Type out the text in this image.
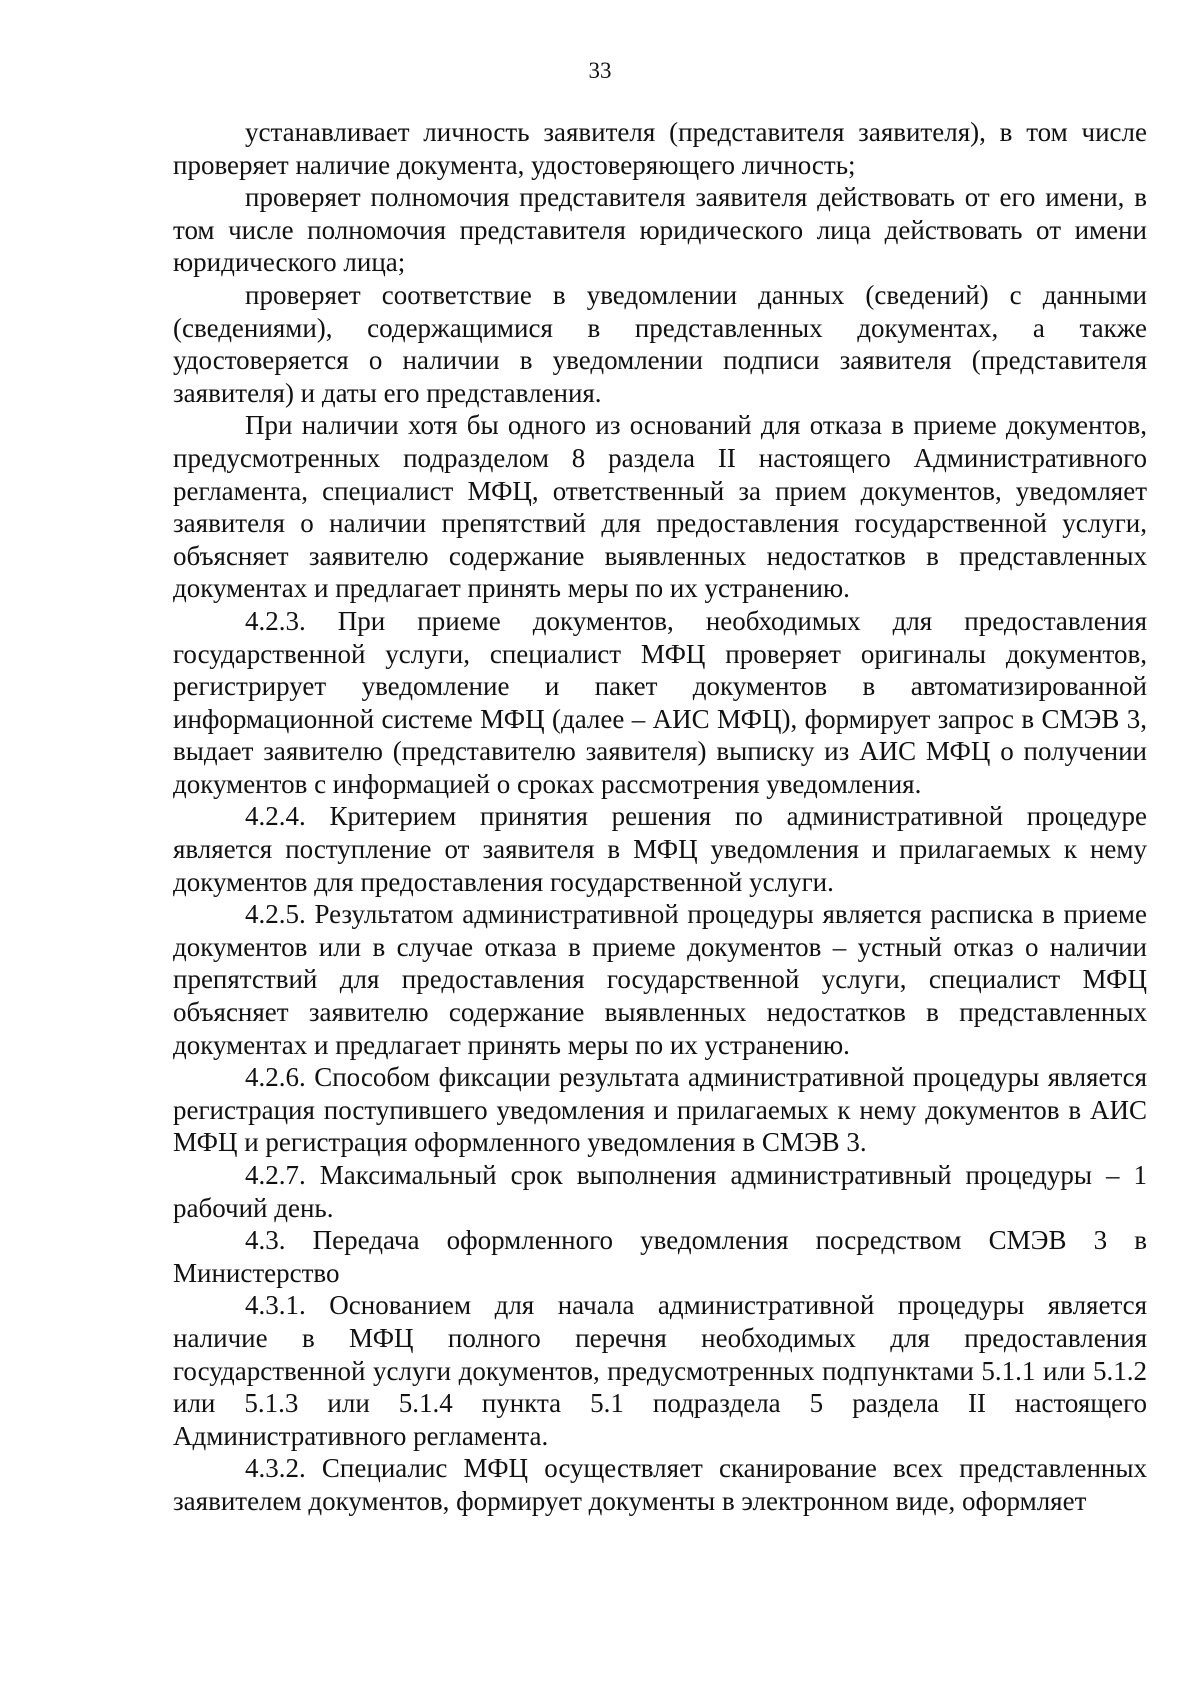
33

устанавливает личность заявителя (представителя заявителя), в том числе проверяет наличие документа, удостоверяющего личность;

проверяет полномочия представителя заявителя действовать от его имени, в том числе полномочия представителя юридического лица действовать от имени юридического лица;

проверяет соответствие в уведомлении данных (сведений) с данными (сведениями), содержащимися в представленных документах, а также удостоверяется о наличии в уведомлении подписи заявителя (представителя заявителя) и даты его представления.

При наличии хотя бы одного из оснований для отказа в приеме документов, предусмотренных подразделом 8 раздела II настоящего Административного регламента, специалист МФЦ, ответственный за прием документов, уведомляет заявителя о наличии препятствий для предоставления государственной услуги, объясняет заявителю содержание выявленных недостатков в представленных документах и предлагает принять меры по их устранению.

4.2.3. При приеме документов, необходимых для предоставления государственной услуги, специалист МФЦ проверяет оригиналы документов, регистрирует уведомление и пакет документов в автоматизированной информационной системе МФЦ (далее – АИС МФЦ), формирует запрос в СМЭВ 3, выдает заявителю (представителю заявителя) выписку из АИС МФЦ о получении документов с информацией о сроках рассмотрения уведомления.

4.2.4. Критерием принятия решения по административной процедуре является поступление от заявителя в МФЦ уведомления и прилагаемых к нему документов для предоставления государственной услуги.

4.2.5. Результатом административной процедуры является расписка в приеме документов или в случае отказа в приеме документов – устный отказ о наличии препятствий для предоставления государственной услуги, специалист МФЦ объясняет заявителю содержание выявленных недостатков в представленных документах и предлагает принять меры по их устранению.

4.2.6. Способом фиксации результата административной процедуры является регистрация поступившего уведомления и прилагаемых к нему документов в АИС МФЦ и регистрация оформленного уведомления в СМЭВ 3.

4.2.7. Максимальный срок выполнения административный процедуры – 1 рабочий день.

4.3. Передача оформленного уведомления посредством СМЭВ 3 в Министерство

4.3.1. Основанием для начала административной процедуры является наличие в МФЦ полного перечня необходимых для предоставления государственной услуги документов, предусмотренных подпунктами 5.1.1 или 5.1.2 или 5.1.3 или 5.1.4 пункта 5.1 подраздела 5 раздела II настоящего Административного регламента.

4.3.2. Специалис МФЦ осуществляет сканирование всех представленных заявителем документов, формирует документы в электронном виде, оформляет
